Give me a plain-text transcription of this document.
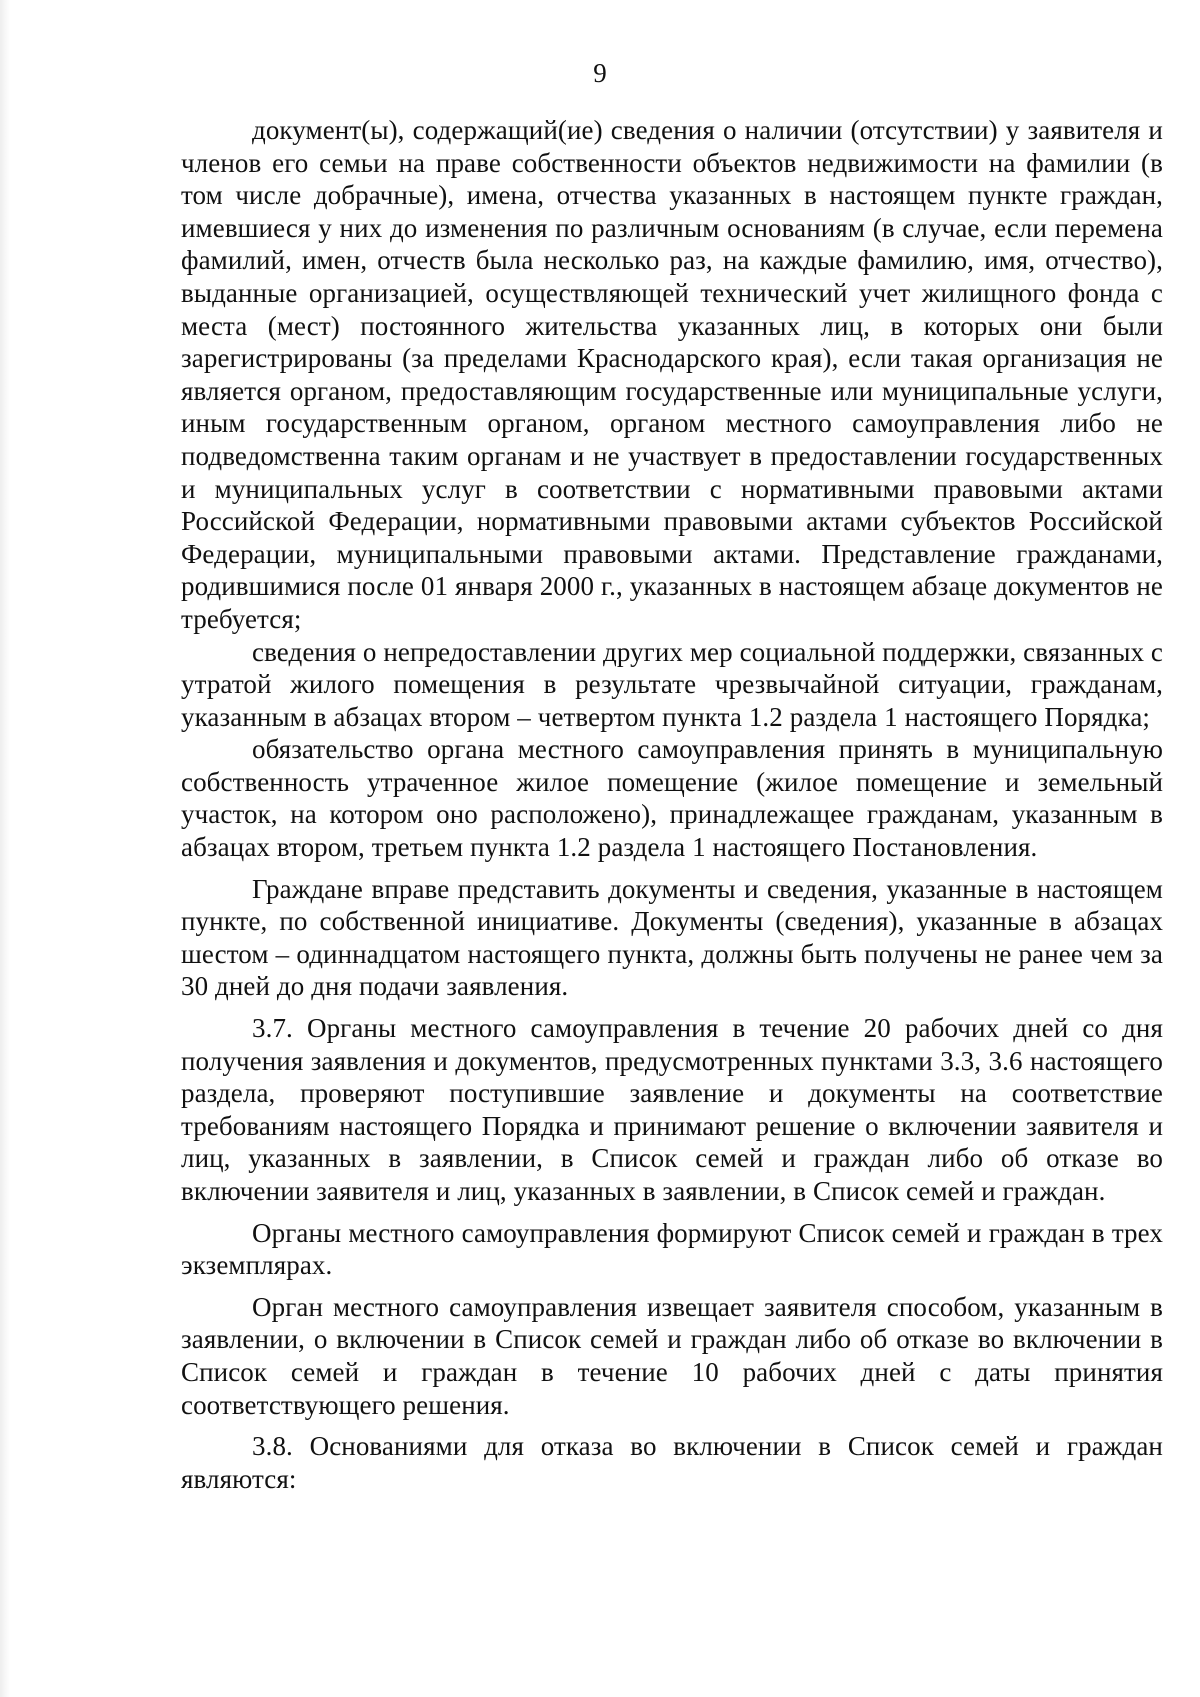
9

документ(ы), содержащий(ие) сведения о наличии (отсутствии) у заявителя и членов его семьи на праве собственности объектов недвижимости на фамилии (в том числе добрачные), имена, отчества указанных в настоящем пункте граждан, имевшиеся у них до изменения по различным основаниям (в случае, если перемена фамилий, имен, отчеств была несколько раз, на каждые фамилию, имя, отчество), выданные организацией, осуществляющей технический учет жилищного фонда с места (мест) постоянного жительства указанных лиц, в которых они были зарегистрированы (за пределами Краснодарского края), если такая организация не является органом, предоставляющим государственные или муниципальные услуги, иным государственным органом, органом местного самоуправления либо не подведомственна таким органам и не участвует в предоставлении государственных и муниципальных услуг в соответствии с нормативными правовыми актами Российской Федерации, нормативными правовыми актами субъектов Российской Федерации, муниципальными правовыми актами. Представление гражданами, родившимися после 01 января 2000 г., указанных в настоящем абзаце документов не требуется;

сведения о непредоставлении других мер социальной поддержки, связанных с утратой жилого помещения в результате чрезвычайной ситуации, гражданам, указанным в абзацах втором – четвертом пункта 1.2 раздела 1 настоящего Порядка;

обязательство органа местного самоуправления принять в муниципальную собственность утраченное жилое помещение (жилое помещение и земельный участок, на котором оно расположено), принадлежащее гражданам, указанным в абзацах втором, третьем пункта 1.2 раздела 1 настоящего Постановления.

Граждане вправе представить документы и сведения, указанные в настоящем пункте, по собственной инициативе. Документы (сведения), указанные в абзацах шестом – одиннадцатом настоящего пункта, должны быть получены не ранее чем за 30 дней до дня подачи заявления.

3.7. Органы местного самоуправления в течение 20 рабочих дней со дня получения заявления и документов, предусмотренных пунктами 3.3, 3.6 настоящего раздела, проверяют поступившие заявление и документы на соответствие требованиям настоящего Порядка и принимают решение о включении заявителя и лиц, указанных в заявлении, в Список семей и граждан либо об отказе во включении заявителя и лиц, указанных в заявлении, в Список семей и граждан.

Органы местного самоуправления формируют Список семей и граждан в трех экземплярах.

Орган местного самоуправления извещает заявителя способом, указанным в заявлении, о включении в Список семей и граждан либо об отказе во включении в Список семей и граждан в течение 10 рабочих дней с даты принятия соответствующего решения.

3.8. Основаниями для отказа во включении в Список семей и граждан являются:
